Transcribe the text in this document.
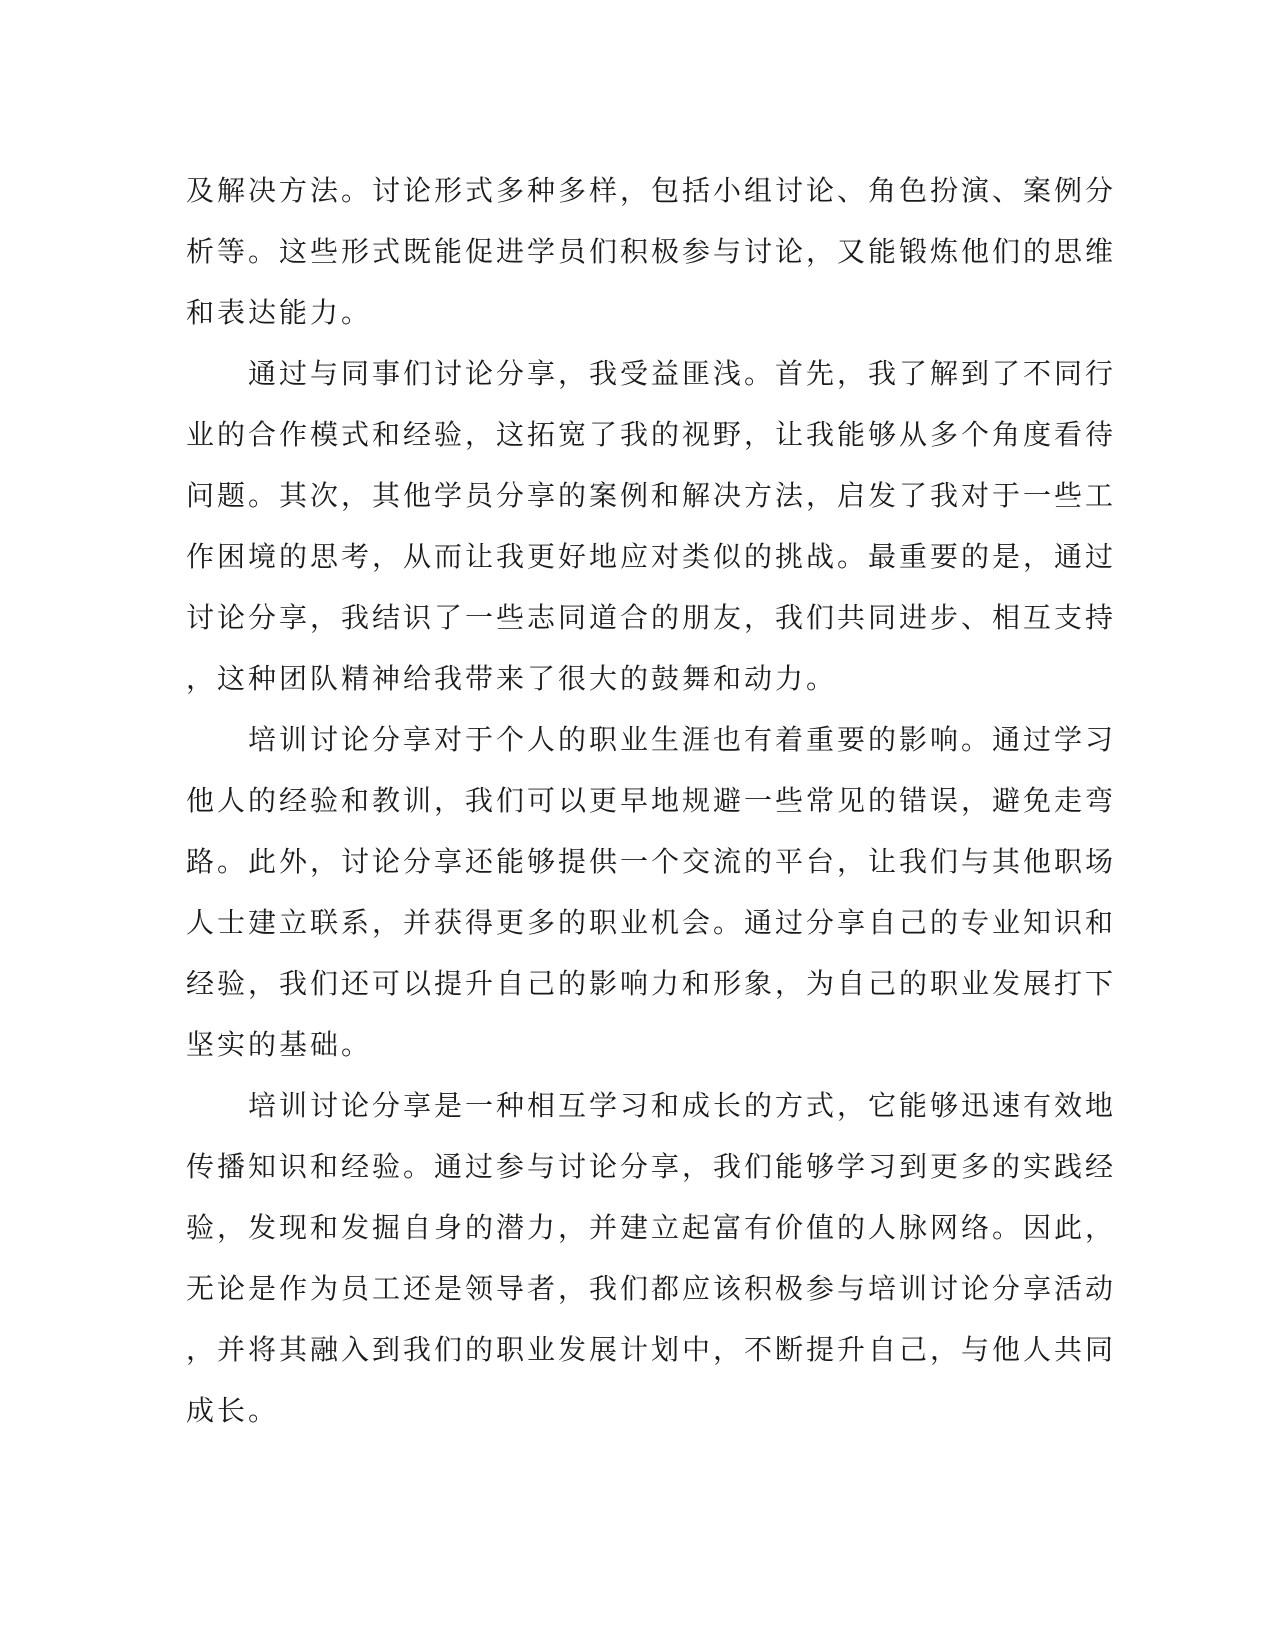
及解决方法。讨论形式多种多样，包括小组讨论、角色扮演、案例分
析等。这些形式既能促进学员们积极参与讨论，又能锻炼他们的思维
和表达能力。
　　通过与同事们讨论分享，我受益匪浅。首先，我了解到了不同行
业的合作模式和经验，这拓宽了我的视野，让我能够从多个角度看待
问题。其次，其他学员分享的案例和解决方法，启发了我对于一些工
作困境的思考，从而让我更好地应对类似的挑战。最重要的是，通过
讨论分享，我结识了一些志同道合的朋友，我们共同进步、相互支持
，这种团队精神给我带来了很大的鼓舞和动力。
　　培训讨论分享对于个人的职业生涯也有着重要的影响。通过学习
他人的经验和教训，我们可以更早地规避一些常见的错误，避免走弯
路。此外，讨论分享还能够提供一个交流的平台，让我们与其他职场
人士建立联系，并获得更多的职业机会。通过分享自己的专业知识和
经验，我们还可以提升自己的影响力和形象，为自己的职业发展打下
坚实的基础。
　　培训讨论分享是一种相互学习和成长的方式，它能够迅速有效地
传播知识和经验。通过参与讨论分享，我们能够学习到更多的实践经
验，发现和发掘自身的潜力，并建立起富有价值的人脉网络。因此，
无论是作为员工还是领导者，我们都应该积极参与培训讨论分享活动
，并将其融入到我们的职业发展计划中，不断提升自己，与他人共同
成长。
